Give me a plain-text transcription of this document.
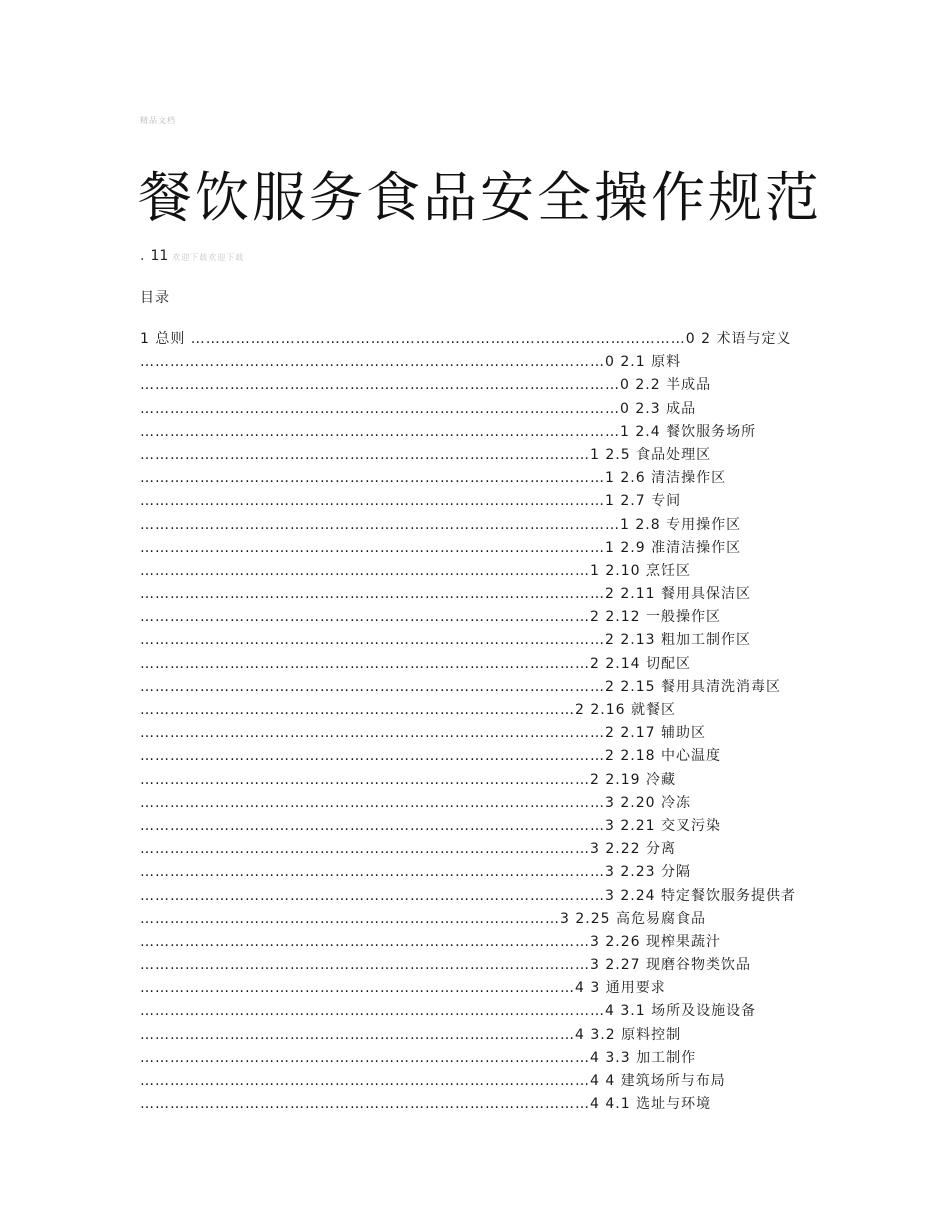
精品文档
餐饮服务食品安全操作规范
. 11 欢迎下载欢迎下载
目录
1 总则 ………………………………………………………………………………………0 2 术语与定义
…………………………………………………………………………………0 2.1 原料
……………………………………………………………………………………0 2.2 半成品
……………………………………………………………………………………0 2.3 成品
……………………………………………………………………………………1 2.4 餐饮服务场所
………………………………………………………………………………1 2.5 食品处理区
…………………………………………………………………………………1 2.6 清洁操作区
…………………………………………………………………………………1 2.7 专间
……………………………………………………………………………………1 2.8 专用操作区
…………………………………………………………………………………1 2.9 准清洁操作区
………………………………………………………………………………1 2.10 烹饪区
…………………………………………………………………………………2 2.11 餐用具保洁区
………………………………………………………………………………2 2.12 一般操作区
…………………………………………………………………………………2 2.13 粗加工制作区
………………………………………………………………………………2 2.14 切配区
…………………………………………………………………………………2 2.15 餐用具清洗消毒区
……………………………………………………………………………2 2.16 就餐区
…………………………………………………………………………………2 2.17 辅助区
…………………………………………………………………………………2 2.18 中心温度
………………………………………………………………………………2 2.19 冷藏
…………………………………………………………………………………3 2.20 冷冻
…………………………………………………………………………………3 2.21 交叉污染
………………………………………………………………………………3 2.22 分离
…………………………………………………………………………………3 2.23 分隔
…………………………………………………………………………………3 2.24 特定餐饮服务提供者
…………………………………………………………………………3 2.25 高危易腐食品
………………………………………………………………………………3 2.26 现榨果蔬汁
………………………………………………………………………………3 2.27 现磨谷物类饮品
……………………………………………………………………………4 3 通用要求
…………………………………………………………………………………4 3.1 场所及设施设备
……………………………………………………………………………4 3.2 原料控制
………………………………………………………………………………4 3.3 加工制作
………………………………………………………………………………4 4 建筑场所与布局
………………………………………………………………………………4 4.1 选址与环境
